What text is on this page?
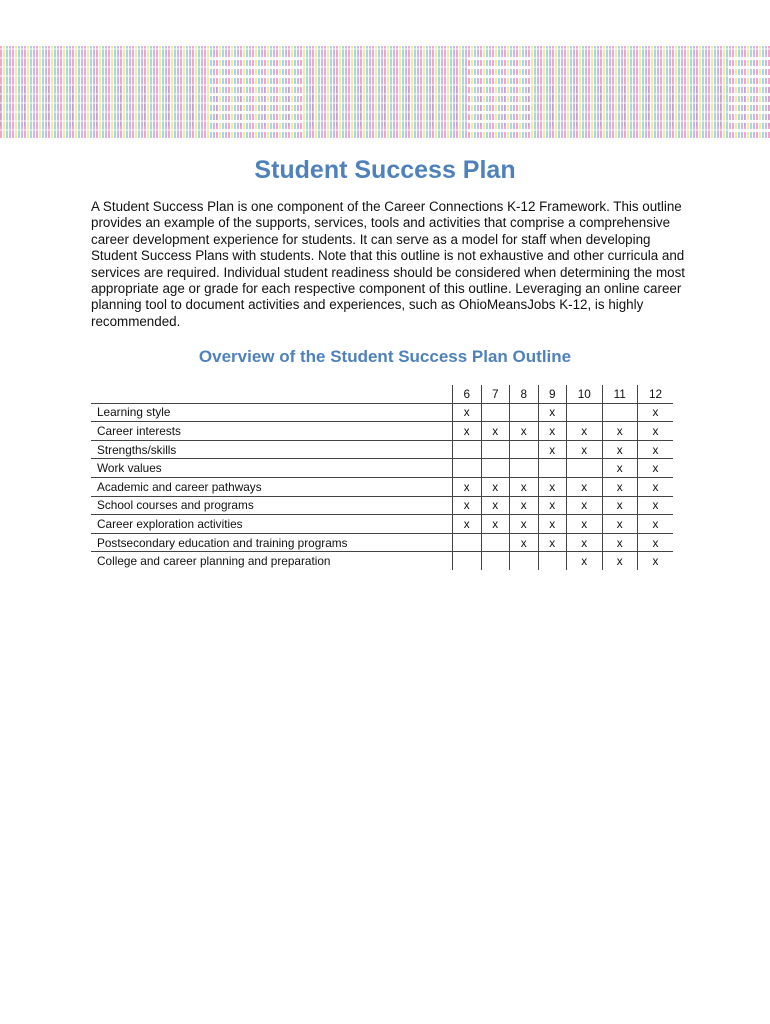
Student Success Plan

A Student Success Plan is one component of the Career Connections K-12 Framework. This outline provides an example of the supports, services, tools and activities that comprise a comprehensive career development experience for students. It can serve as a model for staff when developing Student Success Plans with students. Note that this outline is not exhaustive and other curricula and services are required. Individual student readiness should be considered when determining the most appropriate age or grade for each respective component of this outline. Leveraging an online career planning tool to document activities and experiences, such as OhioMeansJobs K-12, is highly recommended.

Overview of the Student Success Plan Outline
	6	7	8	9	10	11	12
Learning style	x			x			x
Career interests	x	x	x	x	x	x	x
Strengths/skills				x	x	x	x
Work values						x	x
Academic and career pathways	x	x	x	x	x	x	x
School courses and programs	x	x	x	x	x	x	x
Career exploration activities	x	x	x	x	x	x	x
Postsecondary education and training programs			x	x	x	x	x
College and career planning and preparation					x	x	x
